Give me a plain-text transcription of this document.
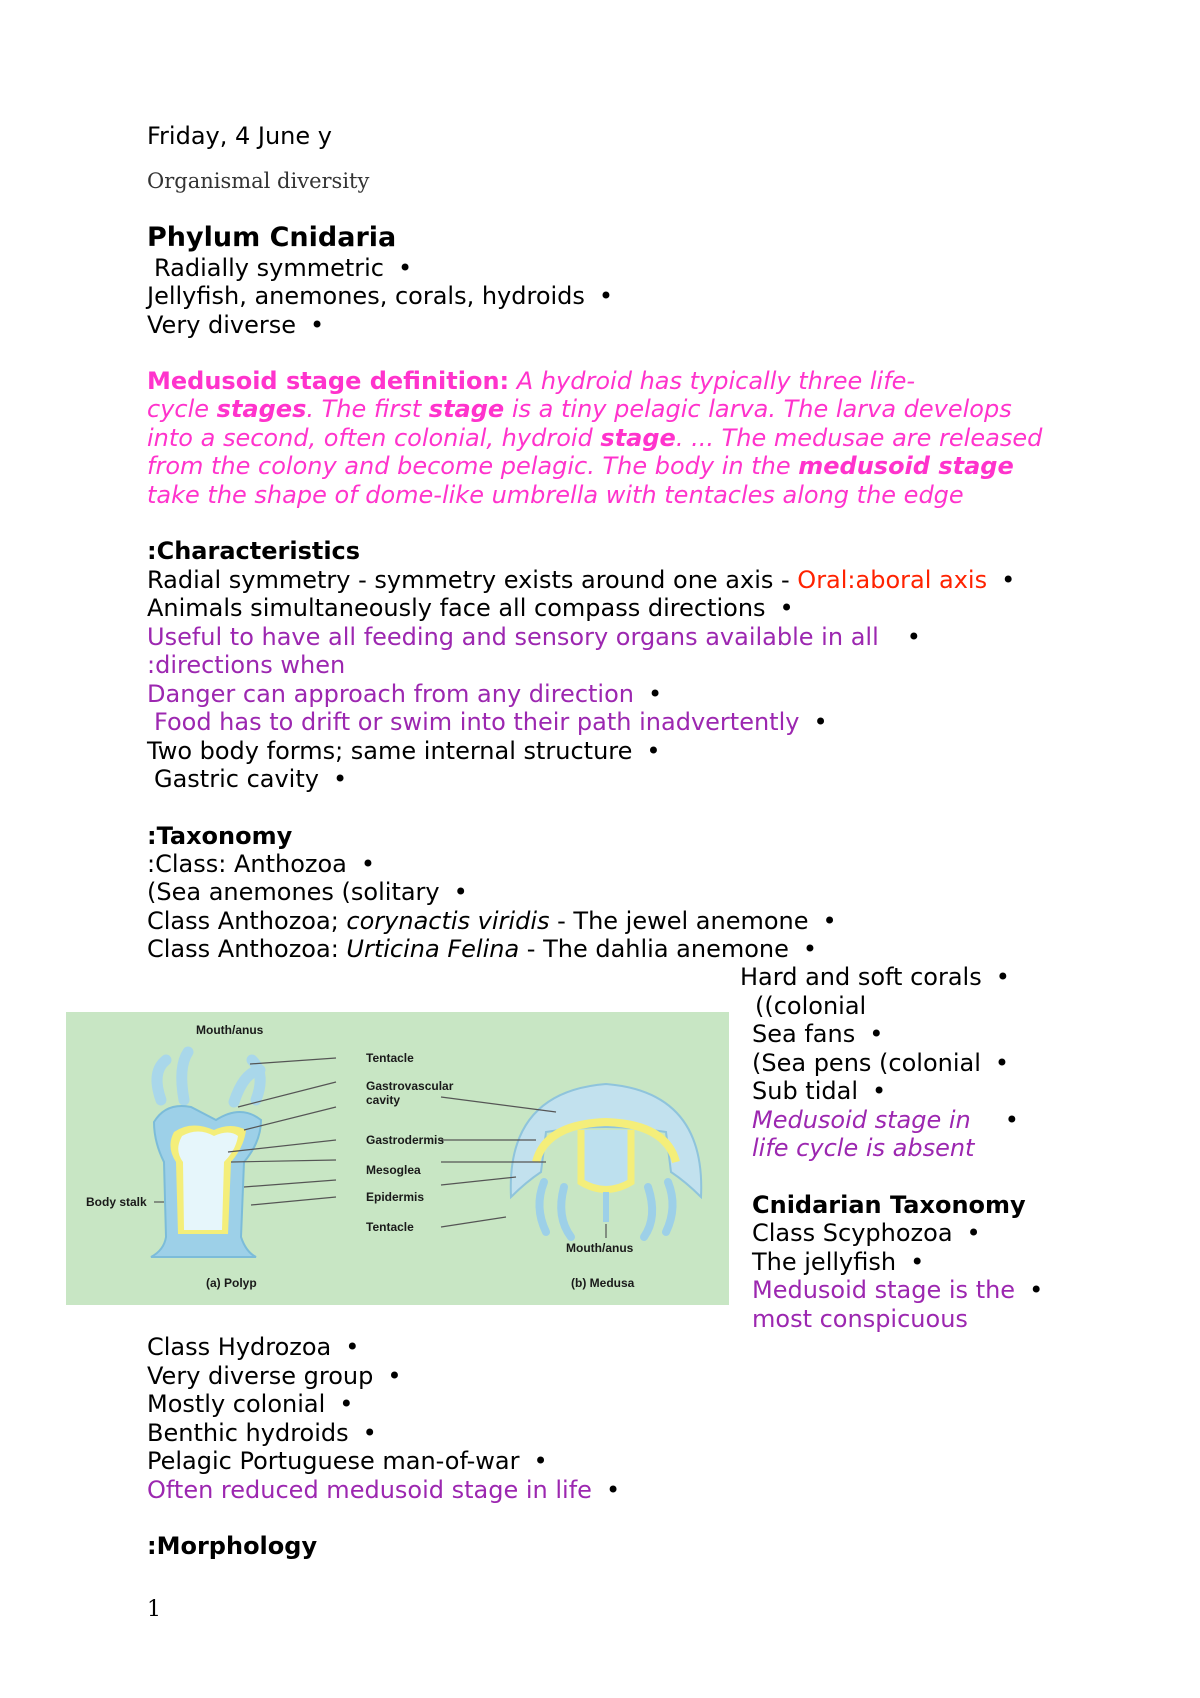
Friday, 4 June y
Organismal diversity
Phylum Cnidaria
Radially symmetric •
Jellyfish, anemones, corals, hydroids •
Very diverse •
Medusoid stage definition: A hydroid has typically three life-
cycle stages. The first stage is a tiny pelagic larva. The larva develops
into a second, often colonial, hydroid stage. ... The medusae are released
from the colony and become pelagic. The body in the medusoid stage
take the shape of dome-like umbrella with tentacles along the edge
:Characteristics
Radial symmetry - symmetry exists around one axis - Oral:aboral axis •
Animals simultaneously face all compass directions •
Useful to have all feeding and sensory organs available in all •
:directions when
Danger can approach from any direction •
Food has to drift or swim into their path inadvertently •
Two body forms; same internal structure •
Gastric cavity •
:Taxonomy
:Class: Anthozoa •
(Sea anemones (solitary •
Class Anthozoa; corynactis viridis - The jewel anemone •
Class Anthozoa: Urticina Felina - The dahlia anemone •
Hard and soft corals •
((colonial
Sea fans •
(Sea pens (colonial •
Sub tidal •
Medusoid stage in •
life cycle is absent
Cnidarian Taxonomy
Class Scyphozoa •
The jellyfish •
Medusoid stage is the •
most conspicuous
Mouth/anus
Tentacle
Gastrovascular
cavity
Gastrodermis
Mesoglea
Epidermis
Tentacle
Body stalk
Mouth/anus
(a) Polyp	(b) Medusa
Class Hydrozoa •
Very diverse group •
Mostly colonial •
Benthic hydroids •
Pelagic Portuguese man-of-war •
Often reduced medusoid stage in life •
:Morphology
1
